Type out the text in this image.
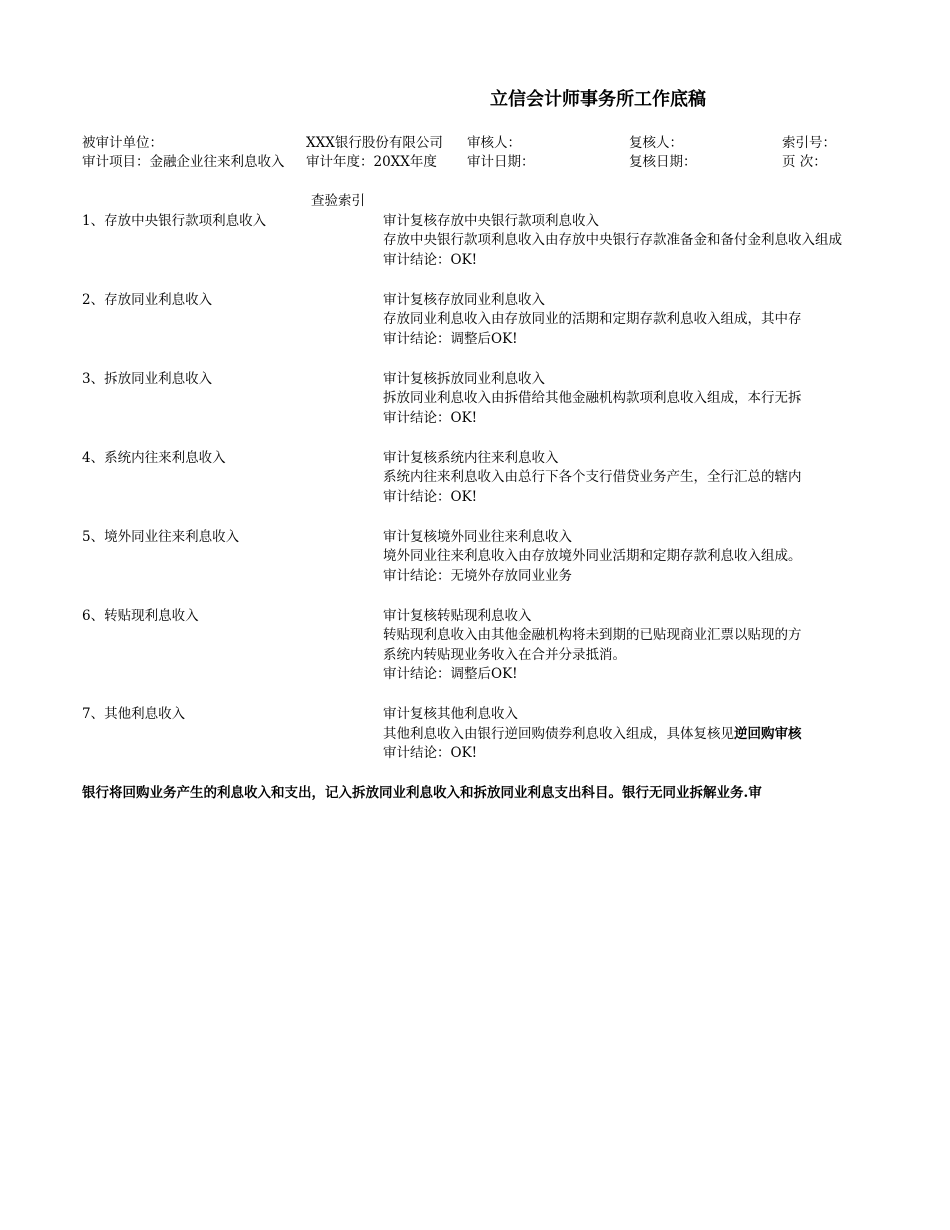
立信会计师事务所工作底稿
被审计单位：	XXX银行股份有限公司	审核人：	复核人：	索引号：
审计项目：金融企业往来利息收入	审计年度：20XX年度 审计日期：	复核日期：	页 次：
查验索引
1、存放中央银行款项利息收入	审计复核存放中央银行款项利息收入
存放中央银行款项利息收入由存放中央银行存款准备金和备付金利息收入组成
审计结论：OK!
2、存放同业利息收入	审计复核存放同业利息收入
存放同业利息收入由存放同业的活期和定期存款利息收入组成，其中存
审计结论：调整后OK!
3、拆放同业利息收入	审计复核拆放同业利息收入
拆放同业利息收入由拆借给其他金融机构款项利息收入组成，本行无拆
审计结论：OK!
4、系统内往来利息收入	审计复核系统内往来利息收入
系统内往来利息收入由总行下各个支行借贷业务产生，全行汇总的辖内
审计结论：OK!
5、境外同业往来利息收入	审计复核境外同业往来利息收入
境外同业往来利息收入由存放境外同业活期和定期存款利息收入组成。
审计结论：无境外存放同业业务
6、转贴现利息收入	审计复核转贴现利息收入
转贴现利息收入由其他金融机构将未到期的已贴现商业汇票以贴现的方
系统内转贴现业务收入在合并分录抵消。
审计结论：调整后OK!
7、其他利息收入	审计复核其他利息收入
其他利息收入由银行逆回购债券利息收入组成，具体复核见逆回购审核
审计结论：OK!
银行将回购业务产生的利息收入和支出，记入拆放同业利息收入和拆放同业利息支出科目。银行无同业拆解业务.审
